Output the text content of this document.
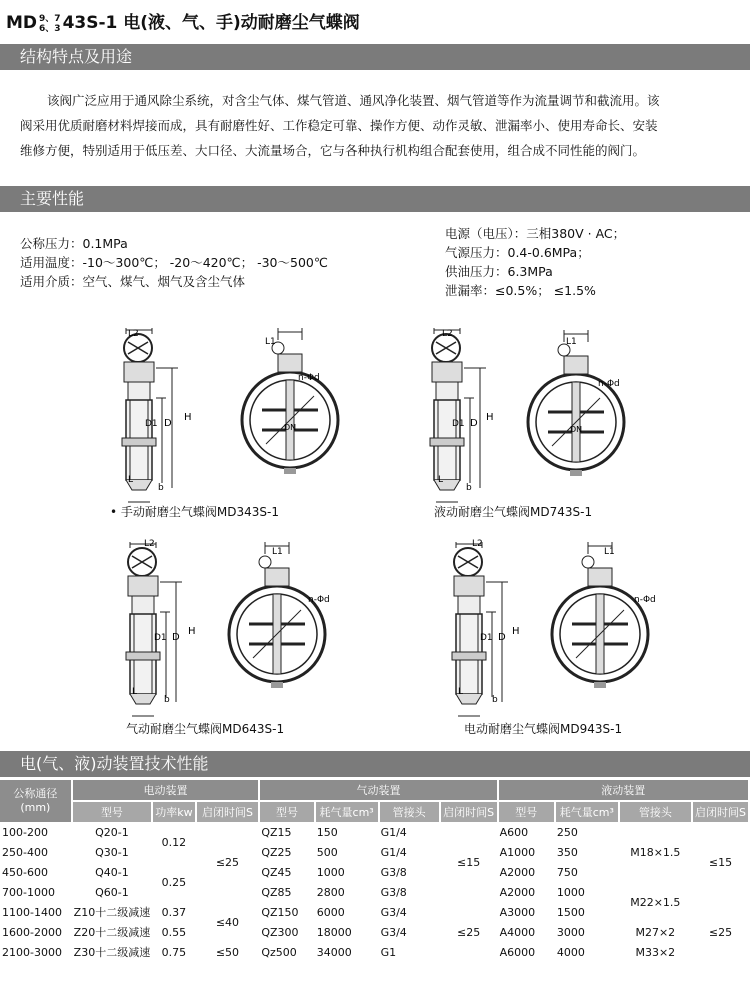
MD 9、7
6、3 43S-1 电(液、气、手)动耐磨尘气蝶阀
结构特点及用途
该阀广泛应用于通风除尘系统，对含尘气体、煤气管道、通风净化装置、烟气管道等作为流量调节和截流用。该
阀采用优质耐磨材料焊接而成，具有耐磨性好、工作稳定可靠、操作方便、动作灵敏、泄漏率小、使用寿命长、安装
维修方便，特别适用于低压差、大口径、大流量场合，它与各种执行机构组合配套使用，组合成不同性能的阀门。
主要性能
公称压力：0.1MPa
适用温度：-10～300℃； -20～420℃； -30～500℃
适用介质：空气、煤气、烟气及含尘气体
电源（电压）：三相380V · AC；
气源压力：0.4-0.6MPa；
供油压力：6.3MPa
泄漏率：≤0.5%； ≤1.5%
L2
L1
H
D1 D
L
b
n-Φd
DN
L2
L1
H
D1 D
L
b
n-Φd
DN
L2
L1
H
D1 D
L
b
n-Φd
L2
L1
H
D1 D
L
b
n-Φd
• 手动耐磨尘气蝶阀MD343S-1	液动耐磨尘气蝶阀MD743S-1
气动耐磨尘气蝶阀MD643S-1	电动耐磨尘气蝶阀MD943S-1
电(气、液)动装置技术性能
公称通径
(mm)	电动装置			气动装置				液动装置			
	型号	功率kw	启闭时间S	型号	耗气量cm³	管接头	启闭时间S	型号	耗气量cm³	管接头	启闭时间S
100-200	Q20-1	0.12	≤25	QZ15	150	G1/4	≤15	A600	250	M18×1.5	≤15
250-400	Q30-1			QZ25	500	G1/4		A1000	350		
450-600	Q40-1	0.25		QZ45	1000	G3/8		A2000	750		
700-1000	Q60-1			QZ85	2800	G3/8		A2000	1000	M22×1.5	
1100-1400	Z10十二级减速	0.37	≤40	QZ150	6000	G3/4	≤25	A3000	1500		≤25
1600-2000	Z20十二级减速	0.55		QZ300	18000	G3/4		A4000	3000	M27×2	
2100-3000	Z30十二级减速	0.75	≤50	Qz500	34000	G1		A6000	4000	M33×2	
